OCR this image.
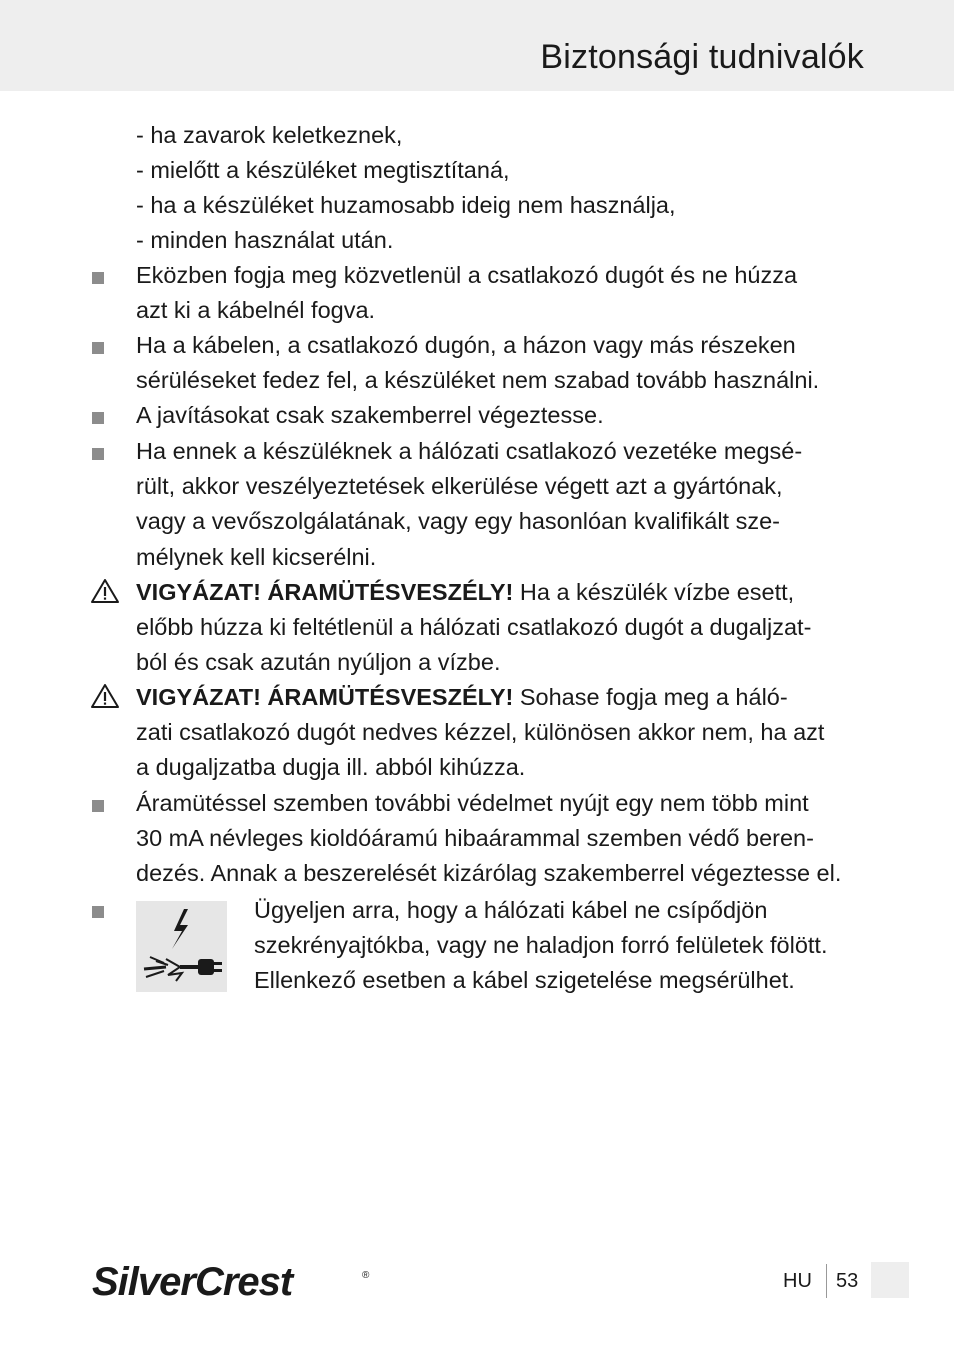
Biztonsági tudnivalók
- ha zavarok keletkeznek,
- mielőtt a készüléket megtisztítaná,
- ha a készüléket huzamosabb ideig nem használja,
- minden használat után.
Eközben fogja meg közvetlenül a csatlakozó dugót és ne húzza
azt ki a kábelnél fogva.
Ha a kábelen, a csatlakozó dugón, a házon vagy más részeken
sérüléseket fedez fel, a készüléket nem szabad tovább használni.
A javításokat csak szakemberrel végeztesse.
Ha ennek a készüléknek a hálózati csatlakozó vezetéke megsé-
rült, akkor veszélyeztetések elkerülése végett azt a gyártónak,
vagy a vevőszolgálatának, vagy egy hasonlóan kvalifikált sze-
mélynek kell kicserélni.
VIGYÁZAT! ÁRAMÜTÉSVESZÉLY! Ha a készülék vízbe esett,
előbb húzza ki feltétlenül a hálózati csatlakozó dugót a dugaljzat-
ból és csak azután nyúljon a vízbe.
VIGYÁZAT! ÁRAMÜTÉSVESZÉLY! Sohase fogja meg a háló-
zati csatlakozó dugót nedves kézzel, különösen akkor nem, ha azt
a dugaljzatba dugja ill. abból kihúzza.
Áramütéssel szemben további védelmet nyújt egy nem több mint
30 mA névleges kioldóáramú hibaárammal szemben védő beren-
dezés. Annak a beszerelését kizárólag szakemberrel végeztesse el.
Ügyeljen arra, hogy a hálózati kábel ne csípődjön
szekrényajtókba, vagy ne haladjon forró felületek fölött.
Ellenkező esetben a kábel szigetelése megsérülhet.
SilverCrest	®	HU 53
